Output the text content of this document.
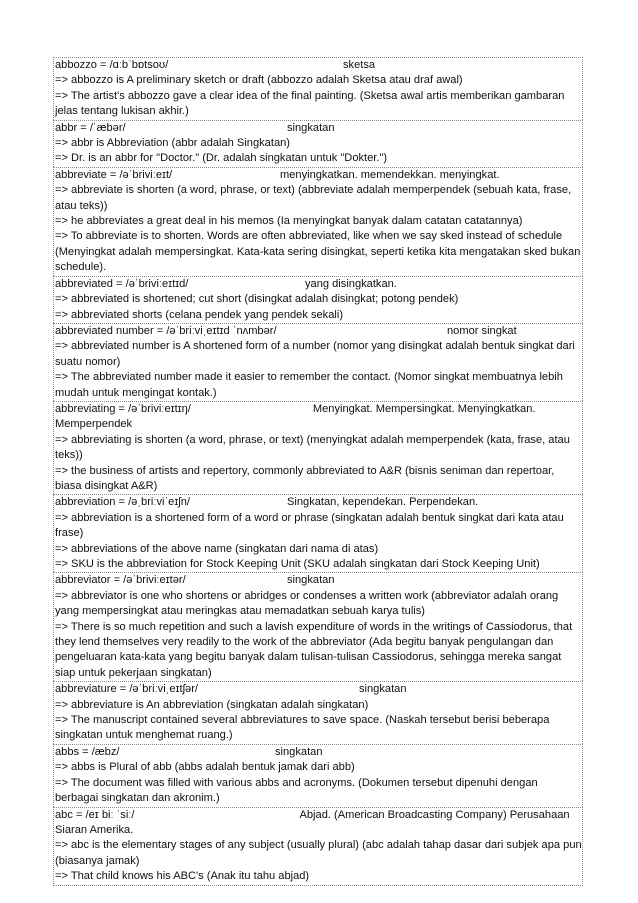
abbozzo = /ɑːbˈbɒtsoʊ/	sketsa
=> abbozzo is A preliminary sketch or draft (abbozzo adalah Sketsa atau draf awal)
=> The artist's abbozzo gave a clear idea of the final painting. (Sketsa awal artis memberikan gambaran jelas tentang lukisan akhir.)
abbr = /ˈæbər/	singkatan
=> abbr is Abbreviation (abbr adalah Singkatan)
=> Dr. is an abbr for "Doctor." (Dr. adalah singkatan untuk "Dokter.")
abbreviate = /əˈbriviːeɪt/	menyingkatkan. memendekkan. menyingkat.
=> abbreviate is shorten (a word, phrase, or text) (abbreviate adalah memperpendek (sebuah kata, frase, atau teks))
=> he abbreviates a great deal in his memos (Ia menyingkat banyak dalam catatan catatannya)
=> To abbreviate is to shorten. Words are often abbreviated, like when we say sked instead of schedule (Menyingkat adalah mempersingkat. Kata-kata sering disingkat, seperti ketika kita mengatakan sked bukan schedule).
abbreviated = /əˈbriviːeɪtɪd/	yang disingkatkan.
=> abbreviated is shortened; cut short (disingkat adalah disingkat; potong pendek)
=> abbreviated shorts (celana pendek yang pendek sekali)
abbreviated number = /əˈbriːviˌeɪtɪd ˈnʌmbər/	nomor singkat
=> abbreviated number is A shortened form of a number (nomor yang disingkat adalah bentuk singkat dari suatu nomor)
=> The abbreviated number made it easier to remember the contact. (Nomor singkat membuatnya lebih mudah untuk mengingat kontak.)
abbreviating = /əˈbriviːeɪtɪŋ/	Menyingkat. Mempersingkat. Menyingkatkan. Memperpendek
=> abbreviating is shorten (a word, phrase, or text) (menyingkat adalah memperpendek (kata, frase, atau teks))
=> the business of artists and repertory, commonly abbreviated to A&R (bisnis seniman dan repertoar, biasa disingkat A&R)
abbreviation = /əˌbriːviˈeɪʃn/	Singkatan, kependekan. Perpendekan.
=> abbreviation is a shortened form of a word or phrase (singkatan adalah bentuk singkat dari kata atau frase)
=> abbreviations of the above name (singkatan dari nama di atas)
=> SKU is the abbreviation for Stock Keeping Unit (SKU adalah singkatan dari Stock Keeping Unit)
abbreviator = /əˈbriviːeɪtər/	singkatan
=> abbreviator is one who shortens or abridges or condenses a written work (abbreviator adalah orang yang mempersingkat atau meringkas atau memadatkan sebuah karya tulis)
=> There is so much repetition and such a lavish expenditure of words in the writings of Cassiodorus, that they lend themselves very readily to the work of the abbreviator (Ada begitu banyak pengulangan dan pengeluaran kata-kata yang begitu banyak dalam tulisan-tulisan Cassiodorus, sehingga mereka sangat siap untuk pekerjaan singkatan)
abbreviature = /əˈbriːviˌeɪtʃər/	singkatan
=> abbreviature is An abbreviation (singkatan adalah singkatan)
=> The manuscript contained several abbreviatures to save space. (Naskah tersebut berisi beberapa singkatan untuk menghemat ruang.)
abbs = /æbz/	singkatan
=> abbs is Plural of abb (abbs adalah bentuk jamak dari abb)
=> The document was filled with various abbs and acronyms. (Dokumen tersebut dipenuhi dengan berbagai singkatan dan akronim.)
abc = /eɪ biː ˈsiː/	Abjad. (American Broadcasting Company) Perusahaan Siaran Amerika.
=> abc is the elementary stages of any subject (usually plural) (abc adalah tahap dasar dari subjek apa pun (biasanya jamak)
=> That child knows his ABC's (Anak itu tahu abjad)
